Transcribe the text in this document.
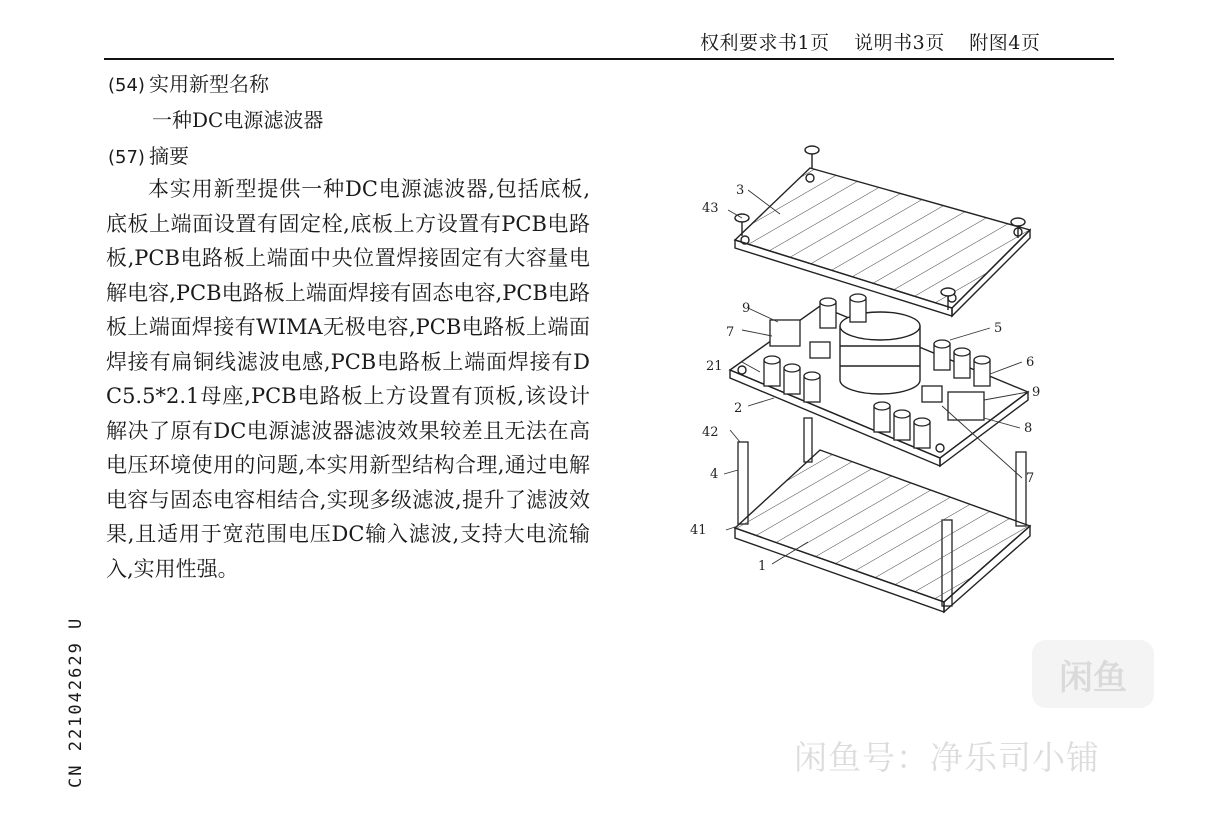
权利要求书1页 说明书3页 附图4页
(54) 实用新型名称
一种DC电源滤波器
(57) 摘要
本实用新型提供一种DC电源滤波器,包括底板,底板上端面设置有固定栓,底板上方设置有PCB电路板,PCB电路板上端面中央位置焊接固定有大容量电解电容,PCB电路板上端面焊接有固态电容,PCB电路板上端面焊接有WIMA无极电容,PCB电路板上端面焊接有扁铜线滤波电感,PCB电路板上端面焊接有DC5.5*2.1母座,PCB电路板上方设置有顶板,该设计解决了原有DC电源滤波器滤波效果较差且无法在高电压环境使用的问题,本实用新型结构合理,通过电解电容与固态电容相结合,实现多级滤波,提升了滤波效果,且适用于宽范围电压DC输入滤波,支持大电流输入,实用性强。
CN 221042629 U
3
43
9
7
21
2
42
4
41
1
5
6
9
8
7
闲鱼
闲鱼号：净乐司小铺
